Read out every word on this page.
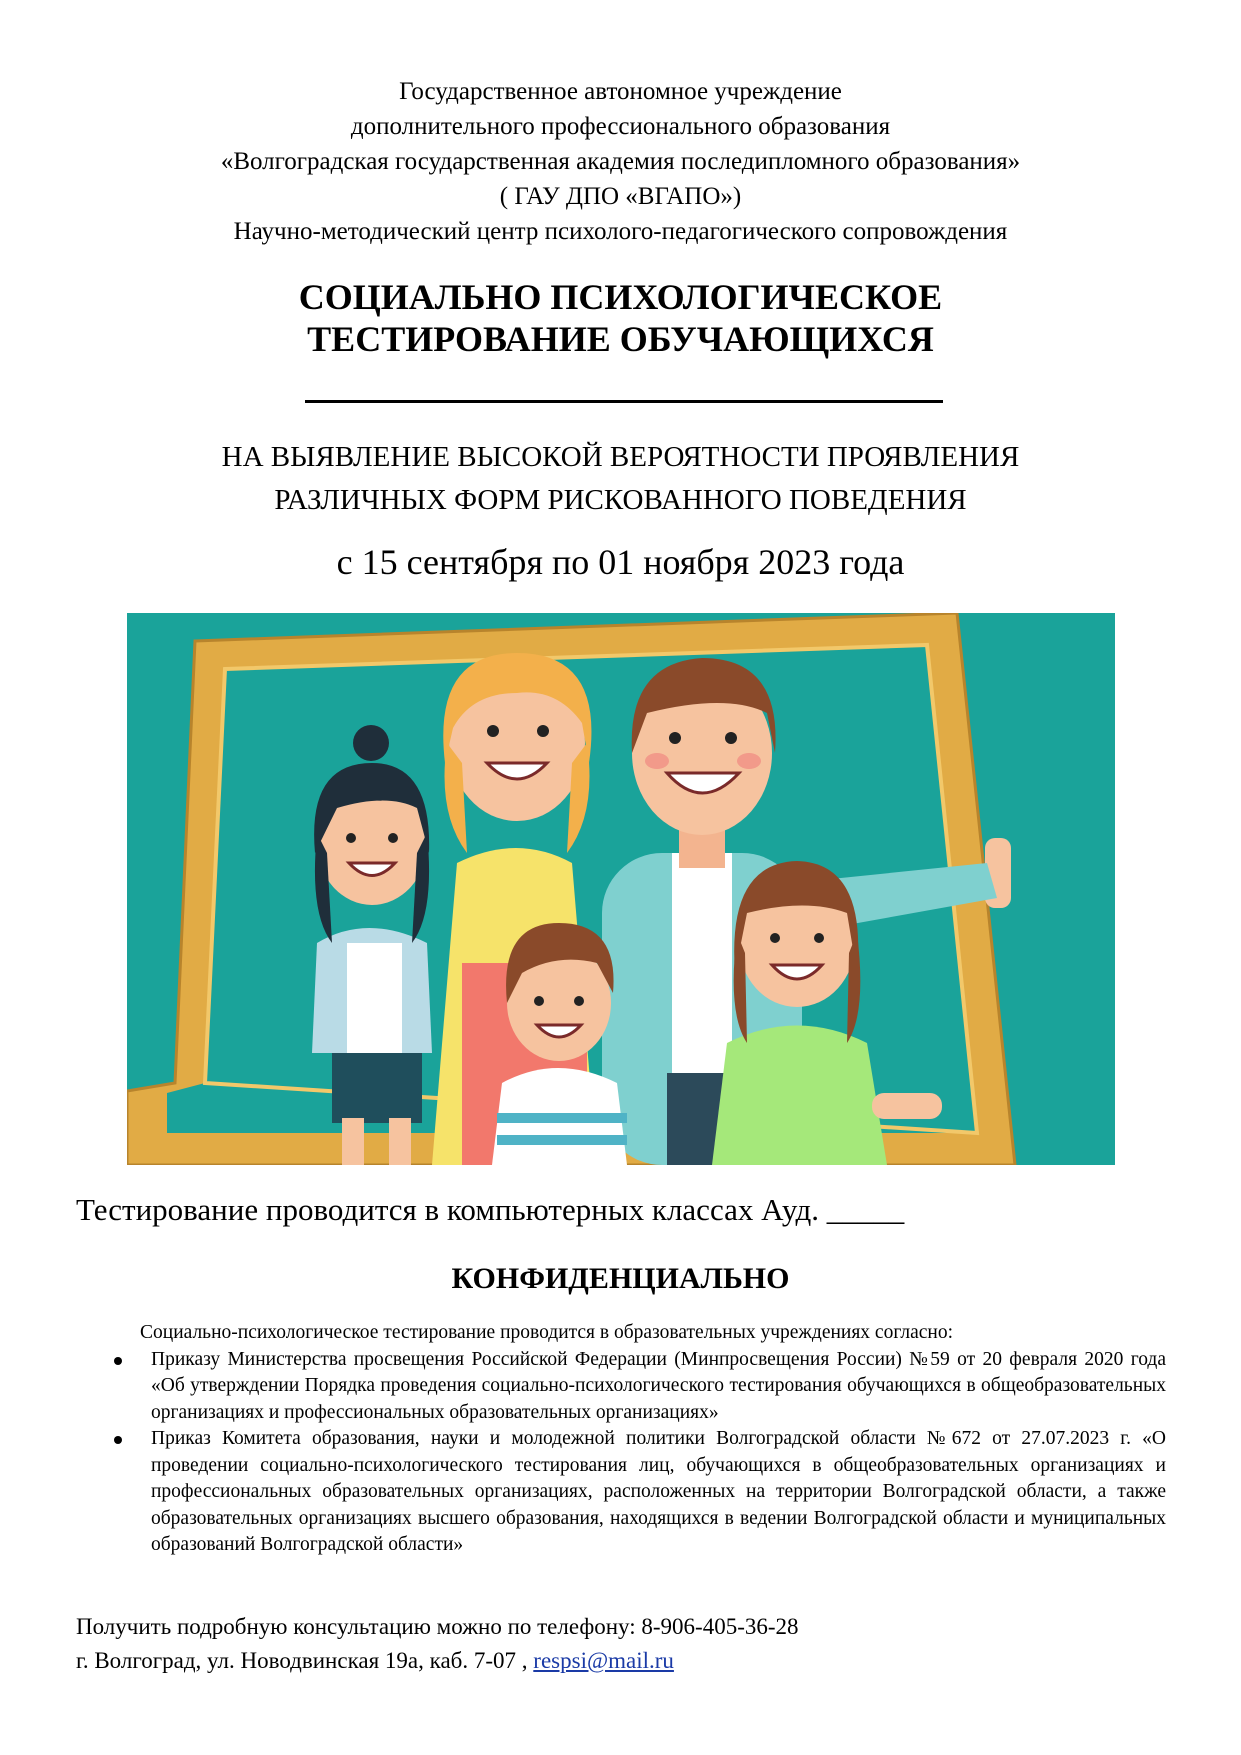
Государственное автономное учреждение
дополнительного профессионального образования
«Волгоградская государственная академия последипломного образования»
( ГАУ ДПО «ВГАПО»)
Научно-методический центр психолого-педагогического сопровождения
СОЦИАЛЬНО ПСИХОЛОГИЧЕСКОЕ
ТЕСТИРОВАНИЕ ОБУЧАЮЩИХСЯ
НА ВЫЯВЛЕНИЕ ВЫСОКОЙ ВЕРОЯТНОСТИ ПРОЯВЛЕНИЯ
РАЗЛИЧНЫХ ФОРМ РИСКОВАННОГО ПОВЕДЕНИЯ
с 15 сентября по 01 ноября 2023 года
Тестирование проводится в компьютерных классах Ауд. _____
КОНФИДЕНЦИАЛЬНО
Социально-психологическое тестирование проводится в образовательных учреждениях согласно:
Приказу Министерства просвещения Российской Федерации (Минпросвещения России) №59 от 20 февраля 2020 года «Об утверждении Порядка проведения социально-психологического тестирования обучающихся в общеобразовательных организациях и профессиональных образовательных организациях»
Приказ Комитета образования, науки и молодежной политики Волгоградской области №672 от 27.07.2023 г. «О проведении социально-психологического тестирования лиц, обучающихся в общеобразовательных организациях и профессиональных образовательных организациях, расположенных на территории Волгоградской области, а также образовательных организациях высшего образования, находящихся в ведении Волгоградской области и муниципальных образований Волгоградской области»
Получить подробную консультацию можно по телефону: 8-906-405-36-28
г. Волгоград, ул. Новодвинская 19а, каб. 7-07 , respsi@mail.ru
